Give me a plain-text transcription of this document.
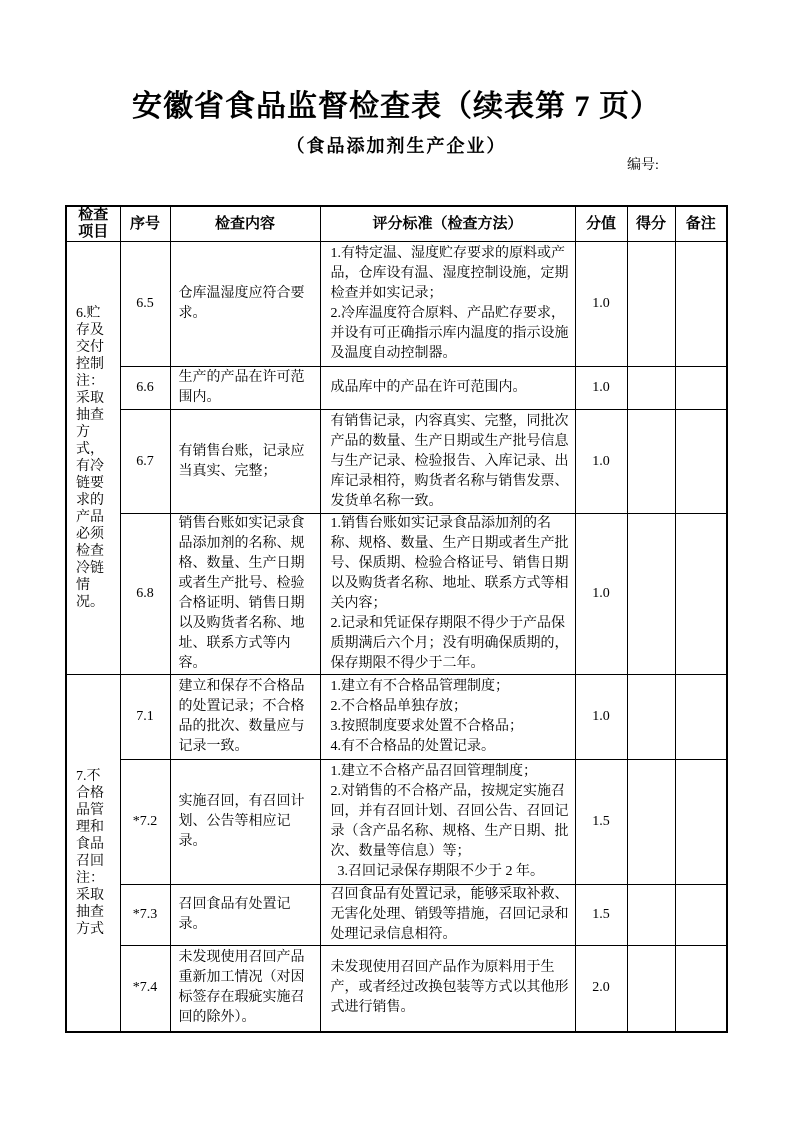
安徽省食品监督检查表（续表第 7 页）
（食品添加剂生产企业）
编号:
检查项目	序号	检查内容	评分标准（检查方法）	分值	得分	备注
6.贮存及交付控制
注：采取抽查方式，有冷链要求的产品必须检查冷链情况。	6.5	仓库温湿度应符合要求。	1.有特定温、湿度贮存要求的原料或产品，仓库设有温、湿度控制设施，定期检查并如实记录；
2.冷库温度符合原料、产品贮存要求，并设有可正确指示库内温度的指示设施及温度自动控制器。	1.0		
	6.6	生产的产品在许可范围内。	成品库中的产品在许可范围内。	1.0		
	6.7	有销售台账，记录应当真实、完整；	有销售记录，内容真实、完整，同批次产品的数量、生产日期或生产批号信息与生产记录、检验报告、入库记录、出库记录相符，购货者名称与销售发票、发货单名称一致。	1.0		
	6.8	销售台账如实记录食品添加剂的名称、规格、数量、生产日期或者生产批号、检验合格证明、销售日期以及购货者名称、地址、联系方式等内容。	1.销售台账如实记录食品添加剂的名称、规格、数量、生产日期或者生产批号、保质期、检验合格证号、销售日期以及购货者名称、地址、联系方式等相关内容；
2.记录和凭证保存期限不得少于产品保质期满后六个月；没有明确保质期的，保存期限不得少于二年。	1.0		
7.不合格品管理和食品召回
注：采取抽查方式	7.1	建立和保存不合格品的处置记录；不合格品的批次、数量应与记录一致。	1.建立有不合格品管理制度；
2.不合格品单独存放；
3.按照制度要求处置不合格品；
4.有不合格品的处置记录。	1.0		
	*7.2	实施召回，有召回计划、公告等相应记录。	1.建立不合格产品召回管理制度；
2.对销售的不合格产品，按规定实施召回，并有召回计划、召回公告、召回记录（含产品名称、规格、生产日期、批次、数量等信息）等；
3.召回记录保存期限不少于 2 年。	1.5		
	*7.3	召回食品有处置记录。	召回食品有处置记录，能够采取补救、无害化处理、销毁等措施，召回记录和处理记录信息相符。	1.5		
	*7.4	未发现使用召回产品重新加工情况（对因标签存在瑕疵实施召回的除外）。	未发现使用召回产品作为原料用于生产，或者经过改换包装等方式以其他形式进行销售。	2.0		
